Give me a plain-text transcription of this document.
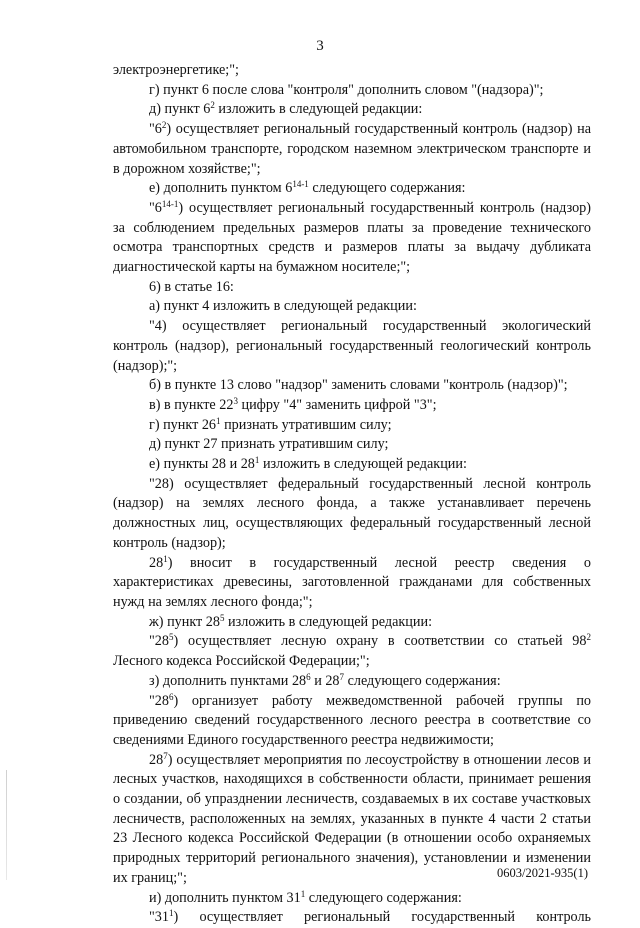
3

электроэнергетике;";

г) пункт 6 после слова "контроля" дополнить словом "(надзора)";

д) пункт $6^2$ изложить в следующей редакции:

"$6^2$) осуществляет региональный государственный контроль (надзор) на автомобильном транспорте, городском наземном электрическом транспорте и в дорожном хозяйстве;";

е) дополнить пунктом 6$^{14-1}$ следующего содержания:

"6$^{14-1}$) осуществляет региональный государственный контроль (надзор) за соблюдением предельных размеров платы за проведение технического осмотра транспортных средств и размеров платы за выдачу дубликата диагностической карты на бумажном носителе;";

6) в статье 16:

а) пункт 4 изложить в следующей редакции:

"4) осуществляет региональный государственный экологический контроль (надзор), региональный государственный геологический контроль (надзор);";

б) в пункте 13 слово "надзор" заменить словами "контроль (надзор)";

в) в пункте $22^3$ цифру "4" заменить цифрой "3";

г) пункт $26^1$ признать утратившим силу;

д) пункт 27 признать утратившим силу;

е) пункты 28 и $28^1$ изложить в следующей редакции:

"28) осуществляет федеральный государственный лесной контроль (надзор) на землях лесного фонда, а также устанавливает перечень должностных лиц, осуществляющих федеральный государственный лесной контроль (надзор);

$28^1$) вносит в государственный лесной реестр сведения о характеристиках древесины, заготовленной гражданами для собственных нужд на землях лесного фонда;";

ж) пункт $28^5$ изложить в следующей редакции:

"$28^5$) осуществляет лесную охрану в соответствии со статьей $98^2$ Лесного кодекса Российской Федерации;";

з) дополнить пунктами $28^6$ и $28^7$ следующего содержания:

"$28^6$) организует работу межведомственной рабочей группы по приведению сведений государственного лесного реестра в соответствие со сведениями Единого государственного реестра недвижимости;

$28^7$) осуществляет мероприятия по лесоустройству в отношении лесов и лесных участков, находящихся в собственности области, принимает решения о создании, об упразднении лесничеств, создаваемых в их составе участковых лесничеств, расположенных на землях, указанных в пункте 4 части 2 статьи 23 Лесного кодекса Российской Федерации (в отношении особо охраняемых природных территорий регионального значения), установлении и изменении их границ;";

и) дополнить пунктом $31^1$ следующего содержания:

"$31^1$) осуществляет региональный государственный контроль

0603/2021-935(1)
